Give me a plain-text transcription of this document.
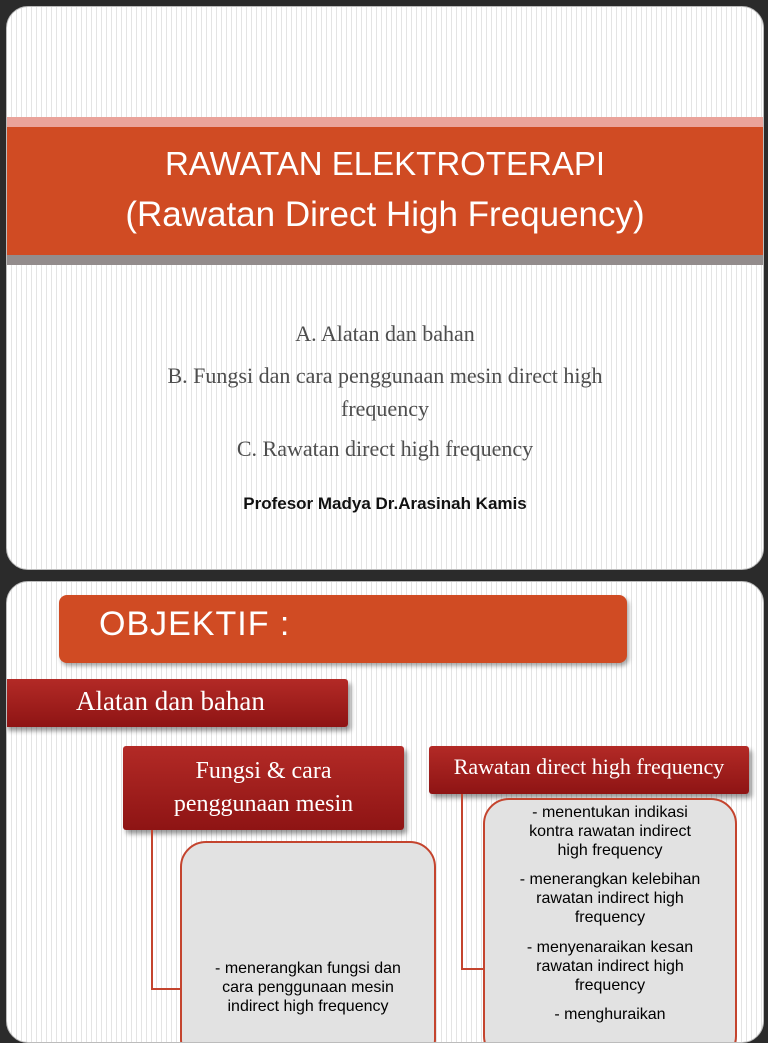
RAWATAN ELEKTROTERAPI
(Rawatan Direct High Frequency)
A. Alatan dan bahan
B. Fungsi dan cara penggunaan mesin direct high
frequency
C. Rawatan direct high frequency
Profesor Madya Dr.Arasinah Kamis
OBJEKTIF :
Alatan dan bahan
Fungsi & cara
penggunaan mesin
Rawatan direct high frequency
- menerangkan fungsi dan
cara penggunaan mesin
indirect high frequency
- menentukan indikasi
kontra rawatan indirect
high frequency
- menerangkan kelebihan
rawatan indirect high
frequency
- menyenaraikan kesan
rawatan indirect high
frequency
- menghuraikan
